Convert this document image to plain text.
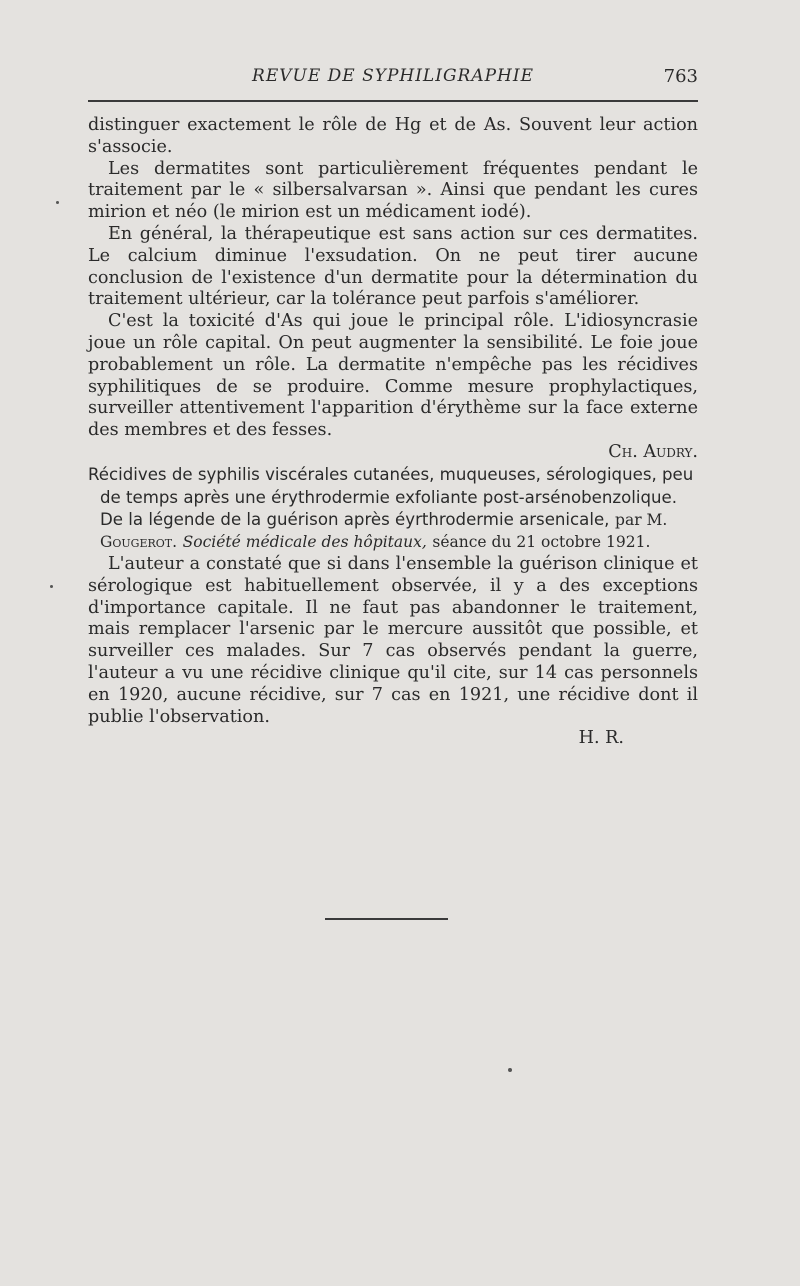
REVUE DE SYPHILIGRAPHIE	763

distinguer exactement le rôle de Hg et de As. Souvent leur action s'associe.

Les dermatites sont particulièrement fréquentes pendant le traitement par le « silbersalvarsan ». Ainsi que pendant les cures mirion et néo (le mirion est un médicament iodé).

En général, la thérapeutique est sans action sur ces dermatites. Le calcium diminue l'exsudation. On ne peut tirer aucune conclusion de l'existence d'un dermatite pour la détermination du traitement ultérieur, car la tolérance peut parfois s'améliorer.

C'est la toxicité d'As qui joue le principal rôle. L'idiosyncrasie joue un rôle capital. On peut augmenter la sensibilité. Le foie joue probablement un rôle. La dermatite n'empêche pas les récidives syphilitiques de se produire. Comme mesure prophylactiques, surveiller attentivement l'apparition d'érythème sur la face externe des membres et des fesses.

Ch. Audry.

Récidives de syphilis viscérales cutanées, muqueuses, sérologiques, peu de temps après une érythrodermie exfoliante post-arsénobenzolique. De la légende de la guérison après éyrthrodermie arsenicale, par M. Gougerot. Société médicale des hôpitaux, séance du 21 octobre 1921.

L'auteur a constaté que si dans l'ensemble la guérison clinique et sérologique est habituellement observée, il y a des exceptions d'importance capitale. Il ne faut pas abandonner le traitement, mais remplacer l'arsenic par le mercure aussitôt que possible, et surveiller ces malades. Sur 7 cas observés pendant la guerre, l'auteur a vu une récidive clinique qu'il cite, sur 14 cas personnels en 1920, aucune récidive, sur 7 cas en 1921, une récidive dont il publie l'observation.

H. R.
